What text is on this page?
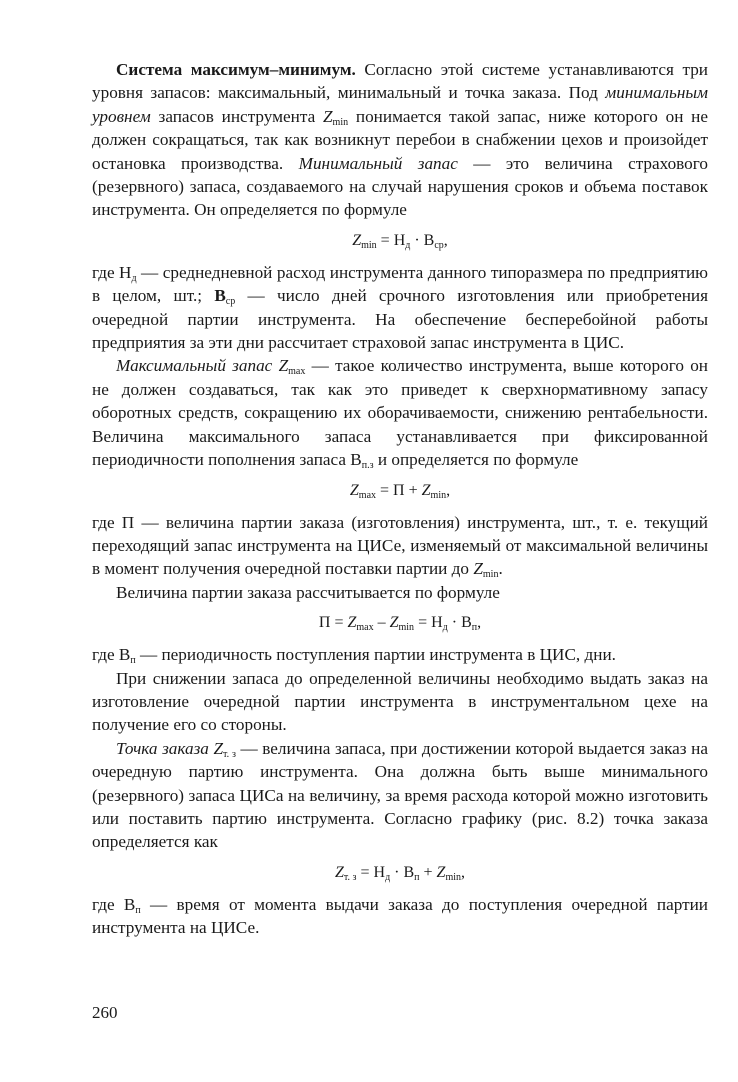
Система максимум–минимум. Согласно этой системе устанавливаются три уровня запасов: максимальный, минимальный и точка заказа. Под минимальным уровнем запасов инструмента $Z_{min}$ понимается такой запас, ниже которого он не должен сокращаться, так как возникнут перебои в снабжении цехов и произойдет остановка производства. Минимальный запас — это величина страхового (резервного) запаса, создаваемого на случай нарушения сроков и объема поставок инструмента. Он определяется по формуле

$Z_{min} = Н_д \cdot В_{ср}$,

где $Н_д$ — среднедневной расход инструмента данного типоразмера по предприятию в целом, шт.; $В_{ср}$ — число дней срочного изготовления или приобретения очередной партии инструмента. На обеспечение бесперебойной работы предприятия за эти дни рассчитает страховой запас инструмента в ЦИС.

Максимальный запас $Z_{max}$ — такое количество инструмента, выше которого он не должен создаваться, так как это приведет к сверхнормативному запасу оборотных средств, сокращению их оборачиваемости, снижению рентабельности. Величина максимального запаса устанавливается при фиксированной периодичности пополнения запаса $В_{п.з}$ и определяется по формуле

$Z_{max} = П + Z_{min}$,

где П — величина партии заказа (изготовления) инструмента, шт., т. е. текущий переходящий запас инструмента на ЦИСе, изменяемый от максимальной величины в момент получения очередной поставки партии до $Z_{min}$.

Величина партии заказа рассчитывается по формуле

$П = Z_{max} - Z_{min} = Н_д \cdot В_п$,

где $В_п$ — периодичность поступления партии инструмента в ЦИС, дни.

При снижении запаса до определенной величины необходимо выдать заказ на изготовление очередной партии инструмента в инструментальном цехе на получение его со стороны.

Точка заказа $Z_{т. з}$ — величина запаса, при достижении которой выдается заказ на очередную партию инструмента. Она должна быть выше минимального (резервного) запаса ЦИСа на величину, за время расхода которой можно изготовить или поставить партию инструмента. Согласно графику (рис. 8.2) точка заказа определяется как

$Z_{т. з} = Н_д \cdot В_п + Z_{min}$,

где $В_п$ — время от момента выдачи заказа до поступления очередной партии инструмента на ЦИСе.

260
